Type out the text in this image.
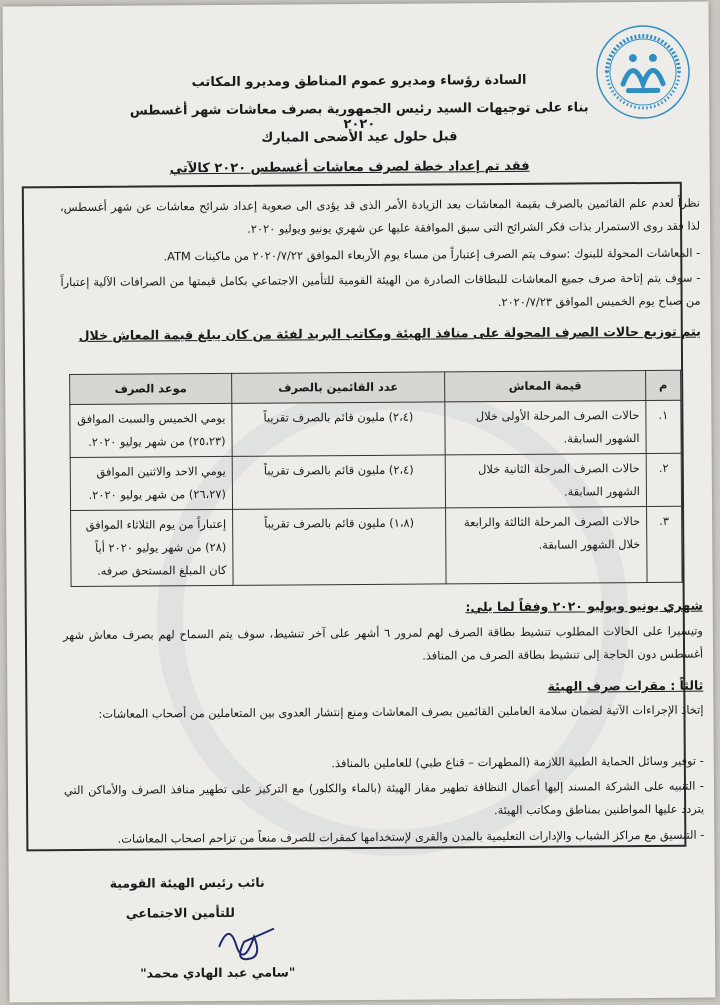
السادة رؤساء ومديرو عموم المناطق ومديرو المكاتب
بناء على توجيهات السيد رئيس الجمهورية بصرف معاشات شهر أغسطس ٢٠٢٠
قبل حلول عيد الأضحى المبارك
فقد تم إعداد خطة لصرف معاشات أغسطس ٢٠٢٠ كالآتي
نظراً لعدم علم القائمين بالصرف بقيمة المعاشات بعد الزيادة الأمر الذى قد يؤدى الى صعوبة إعداد شرائح معاشات عن شهر أغسطس، لذا فقد روى الاستمرار بذات فكر الشرائح التى سبق الموافقة عليها عن شهري يونيو ويوليو ٢٠٢٠.
- المعاشات المحولة للبنوك :سوف يتم الصرف إعتباراً من مساء يوم الأربعاء الموافق ٢٠٢٠/٧/٢٢ من ماكينات ATM.
- سوف يتم إتاحة صرف جميع المعاشات للبطاقات الصادرة من الهيئة القومية للتأمين الاجتماعي بكامل قيمتها من الصرافات الآلية إعتباراً من صباح يوم الخميس الموافق ٢٠٢٠/٧/٢٣.
يتم توزيع حالات الصرف المحولة على منافذ الهيئة ومكاتب البريد لفئة من كان يبلغ قيمة المعاش خلال
م	قيمة المعاش	عدد القائمين بالصرف	موعد الصرف
١.	حالات الصرف المرحلة الأولى خلال الشهور السابقة.	(٢،٤) مليون قائم بالصرف تقريباً	يومي الخميس والسبت الموافق (٢٥،٢٣) من شهر يوليو ٢٠٢٠.
٢.	حالات الصرف المرحلة الثانية خلال الشهور السابقة.	(٢،٤) مليون قائم بالصرف تقريباً	يومي الاحد والاثنين الموافق (٢٦،٢٧) من شهر يوليو ٢٠٢٠.
٣.	حالات الصرف المرحلة الثالثة والرابعة خلال الشهور السابقة.	(١،٨) مليون قائم بالصرف تقريباً	إعتباراً من يوم الثلاثاء الموافق (٢٨) من شهر يوليو ٢٠٢٠ أياً كان المبلغ المستحق صرفه.
شهري يونيو ويوليو ٢٠٢٠ وفقاً لما يلي:
وتيسيرا على الحالات المطلوب تنشيط بطاقة الصرف لهم لمرور ٦ أشهر على آخر تنشيط، سوف يتم السماح لهم بصرف معاش شهر أغسطس دون الحاجة إلى تنشيط بطاقة الصرف من المنافذ.
ثالثاً : مقرات صرف الهيئة
إتخاذ الإجراءات الآتية لضمان سلامة العاملين القائمين بصرف المعاشات ومنع إنتشار العدوى بين المتعاملين من أصحاب المعاشات:
- توفير وسائل الحماية الطبية اللازمة (المطهرات – قناع طبي) للعاملين بالمنافذ.
- التنبيه على الشركة المسند إليها أعمال النظافة تطهير مقار الهيئة (بالماء والكلور) مع التركيز على تطهير منافذ الصرف والأماكن التي يتردد عليها المواطنين بمناطق ومكاتب الهيئة.
- التنسيق مع مراكز الشباب والإدارات التعليمية بالمدن والقرى لإستخدامها كمقرات للصرف منعاً من تزاحم اصحاب المعاشات.
نائب رئيس الهيئة القومية
للتأمين الاجتماعي
"سامي عبد الهادي محمد"
